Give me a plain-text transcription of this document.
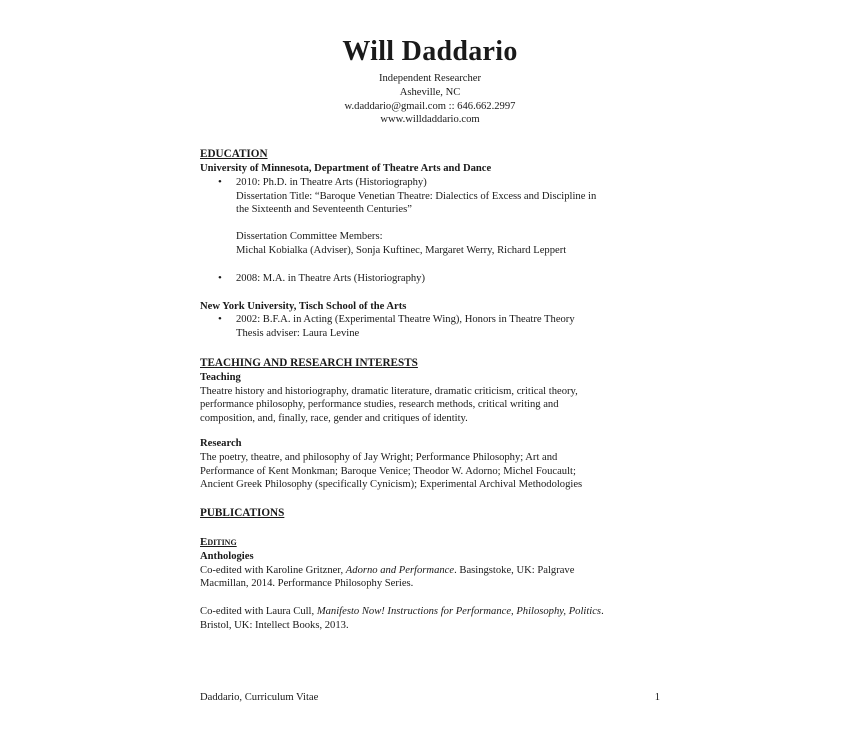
Will Daddario
Independent Researcher
Asheville, NC
w.daddario@gmail.com :: 646.662.2997
www.willdaddario.com
EDUCATION
University of Minnesota, Department of Theatre Arts and Dance
• 2010: Ph.D. in Theatre Arts (Historiography)
Dissertation Title: “Baroque Venetian Theatre: Dialectics of Excess and Discipline in
the Sixteenth and Seventeenth Centuries”
Dissertation Committee Members:
Michal Kobialka (Adviser), Sonja Kuftinec, Margaret Werry, Richard Leppert
• 2008: M.A. in Theatre Arts (Historiography)
New York University, Tisch School of the Arts
• 2002: B.F.A. in Acting (Experimental Theatre Wing), Honors in Theatre Theory
Thesis adviser: Laura Levine
TEACHING AND RESEARCH INTERESTS
Teaching
Theatre history and historiography, dramatic literature, dramatic criticism, critical theory,
performance philosophy, performance studies, research methods, critical writing and
composition, and, finally, race, gender and critiques of identity.
Research
The poetry, theatre, and philosophy of Jay Wright; Performance Philosophy; Art and
Performance of Kent Monkman; Baroque Venice; Theodor W. Adorno; Michel Foucault;
Ancient Greek Philosophy (specifically Cynicism); Experimental Archival Methodologies
PUBLICATIONS
Editing
Anthologies
Co-edited with Karoline Gritzner, Adorno and Performance. Basingstoke, UK: Palgrave
Macmillan, 2014. Performance Philosophy Series.
Co-edited with Laura Cull, Manifesto Now! Instructions for Performance, Philosophy, Politics.
Bristol, UK: Intellect Books, 2013.
Daddario, Curriculum Vitae	1
